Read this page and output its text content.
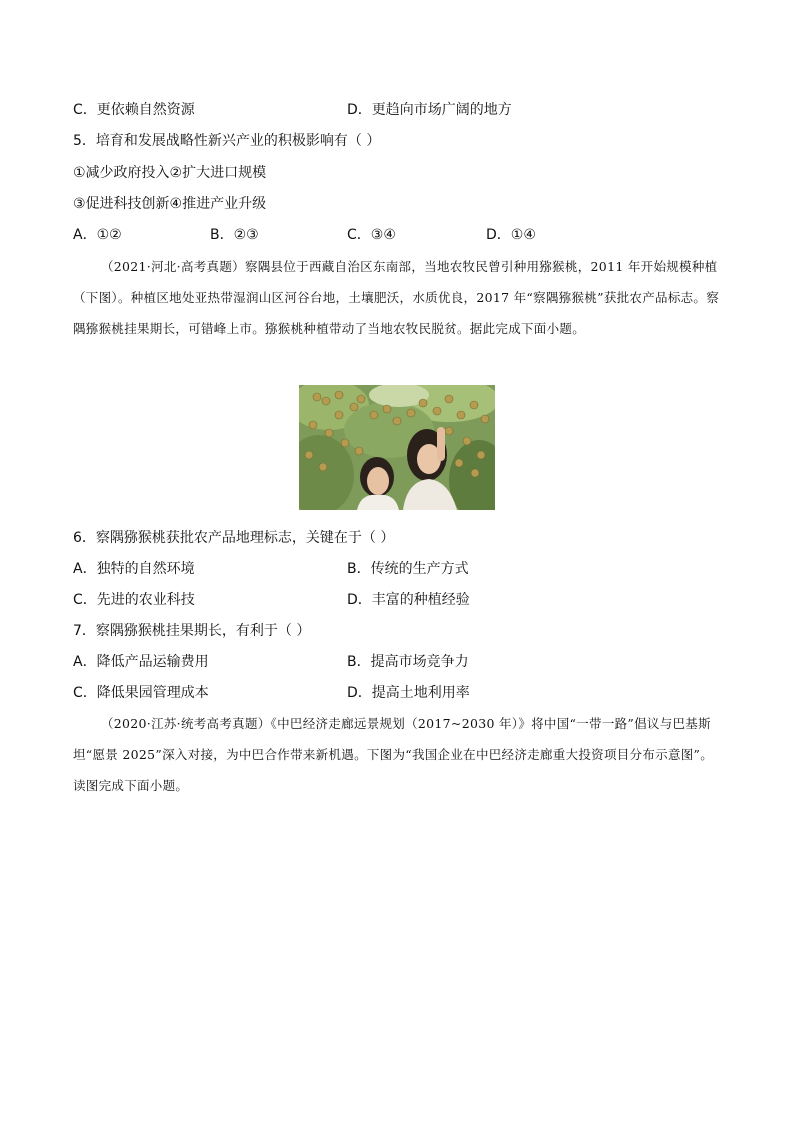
C．更依赖自然资源	D．更趋向市场广阔的地方
5．培育和发展战略性新兴产业的积极影响有（ ）
①减少政府投入②扩大进口规模
③促进科技创新④推进产业升级
A．①②	B．②③	C．③④	D．①④
（2021·河北·高考真题）察隅县位于西藏自治区东南部，当地农牧民曾引种用猕猴桃，2011 年开始规模种植（下图）。种植区地处亚热带湿润山区河谷台地，土壤肥沃，水质优良，2017 年“察隅猕猴桃”获批农产品标志。察隅猕猴桃挂果期长，可错峰上市。猕猴桃种植带动了当地农牧民脱贫。据此完成下面小题。
6．察隅猕猴桃获批农产品地理标志，关键在于（ ）
A．独特的自然环境	B．传统的生产方式
C．先进的农业科技	D．丰富的种植经验
7．察隅猕猴桃挂果期长，有利于（ ）
A．降低产品运输费用	B．提高市场竞争力
C．降低果园管理成本	D．提高土地利用率
（2020·江苏·统考高考真题）《中巴经济走廊远景规划（2017~2030 年）》将中国“一带一路”倡议与巴基斯坦“愿景 2025”深入对接，为中巴合作带来新机遇。下图为“我国企业在中巴经济走廊重大投资项目分布示意图”。读图完成下面小题。
